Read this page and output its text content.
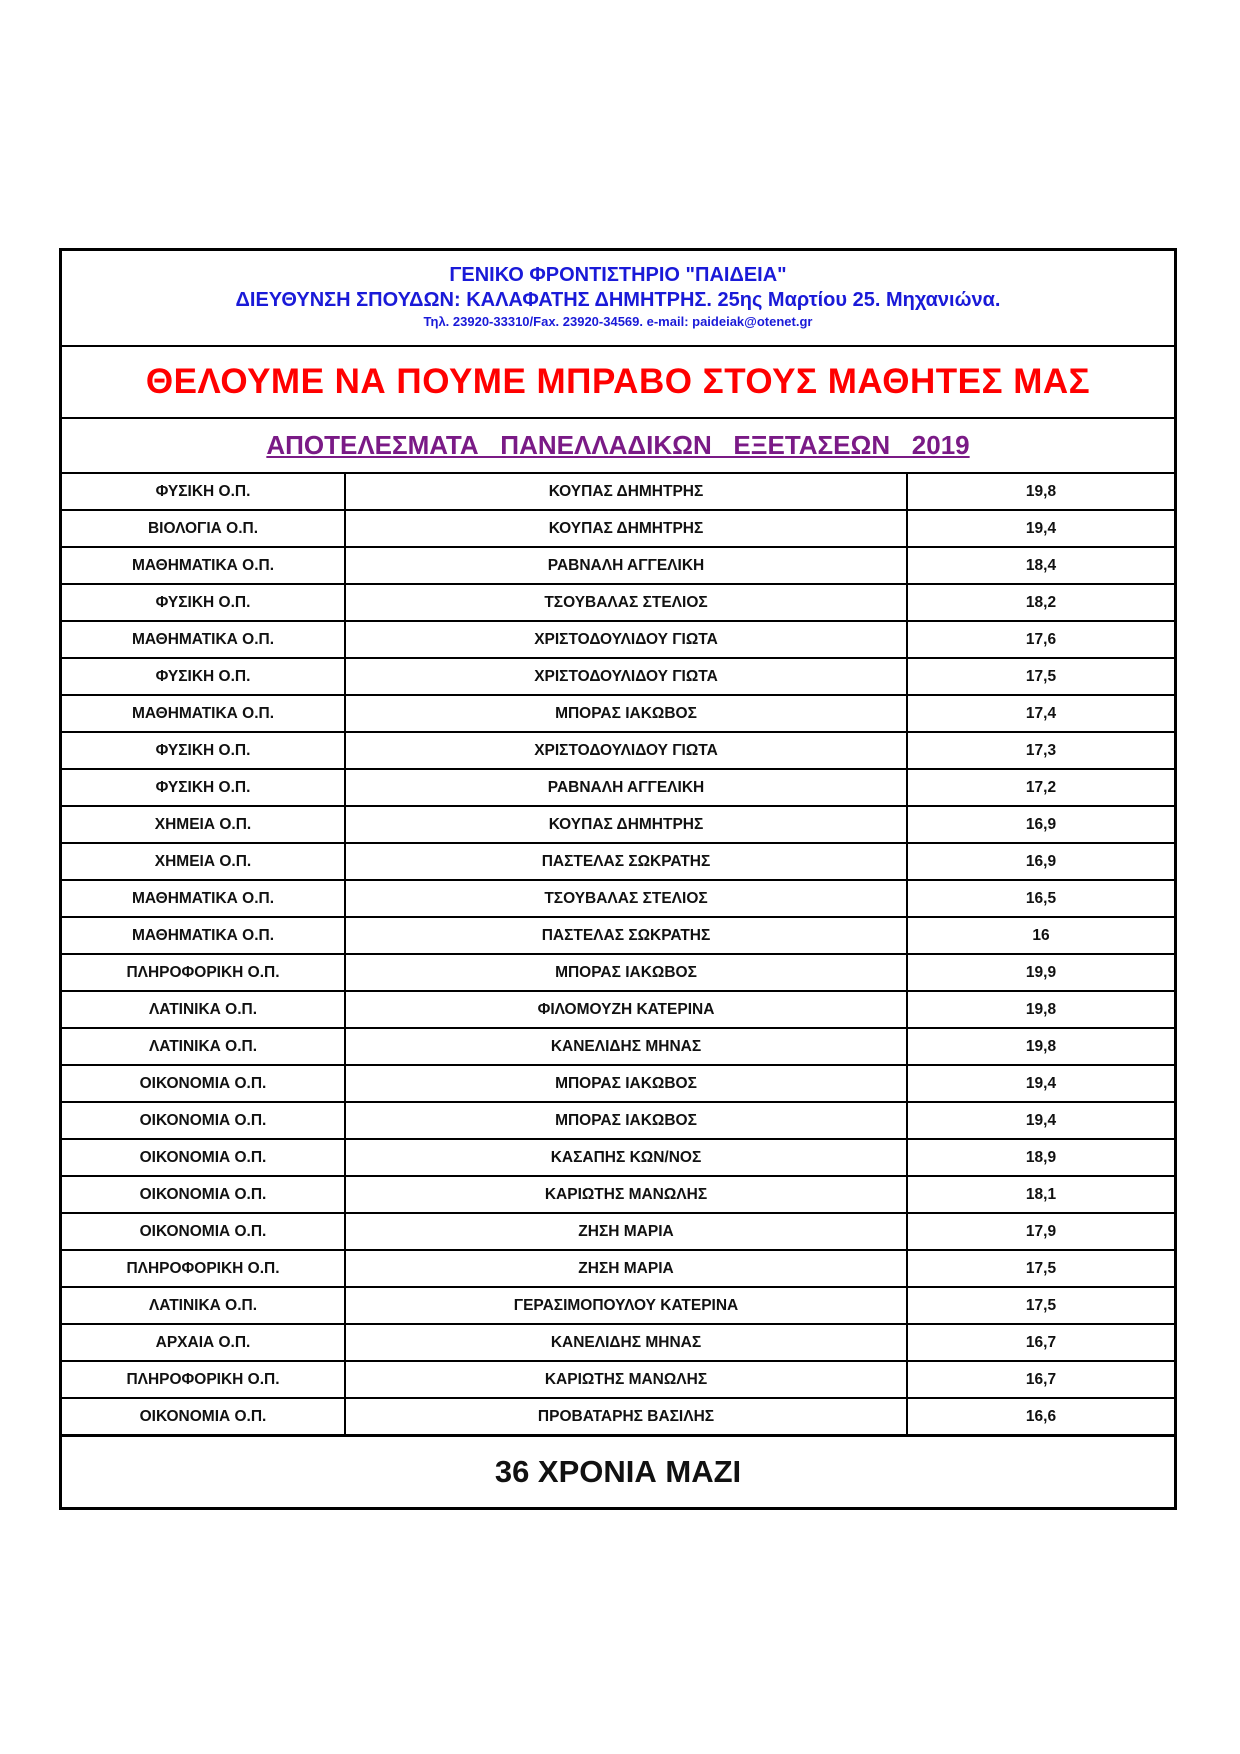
ΓΕΝΙΚΟ ΦΡΟΝΤΙΣΤΗΡΙΟ "ΠΑΙΔΕΙΑ"
ΔΙΕΥΘΥΝΣΗ ΣΠΟΥΔΩΝ: ΚΑΛΑΦΑΤΗΣ ΔΗΜΗΤΡΗΣ. 25ης Μαρτίου 25. Μηχανιώνα.
Τηλ. 23920-33310/Fax. 23920-34569. e-mail: paideiak@otenet.gr
ΘΕΛΟΥΜΕ ΝΑ ΠΟΥΜΕ ΜΠΡΑΒΟ ΣΤΟΥΣ ΜΑΘΗΤΕΣ ΜΑΣ
ΑΠΟΤΕΛΕΣΜΑΤΑ   ΠΑΝΕΛΛΑΔΙΚΩΝ   ΕΞΕΤΑΣΕΩΝ   2019
ΦΥΣΙΚΗ Ο.Π.	ΚΟΥΠΑΣ ΔΗΜΗΤΡΗΣ	19,8
ΒΙΟΛΟΓΙΑ Ο.Π.	ΚΟΥΠΑΣ ΔΗΜΗΤΡΗΣ	19,4
ΜΑΘΗΜΑΤΙΚΑ Ο.Π.	ΡΑΒΝΑΛΗ ΑΓΓΕΛΙΚΗ	18,4
ΦΥΣΙΚΗ Ο.Π.	ΤΣΟΥΒΑΛΑΣ ΣΤΕΛΙΟΣ	18,2
ΜΑΘΗΜΑΤΙΚΑ Ο.Π.	ΧΡΙΣΤΟΔΟΥΛΙΔΟΥ ΓΙΩΤΑ	17,6
ΦΥΣΙΚΗ Ο.Π.	ΧΡΙΣΤΟΔΟΥΛΙΔΟΥ ΓΙΩΤΑ	17,5
ΜΑΘΗΜΑΤΙΚΑ Ο.Π.	ΜΠΟΡΑΣ ΙΑΚΩΒΟΣ	17,4
ΦΥΣΙΚΗ Ο.Π.	ΧΡΙΣΤΟΔΟΥΛΙΔΟΥ ΓΙΩΤΑ	17,3
ΦΥΣΙΚΗ Ο.Π.	ΡΑΒΝΑΛΗ ΑΓΓΕΛΙΚΗ	17,2
ΧΗΜΕΙΑ Ο.Π.	ΚΟΥΠΑΣ ΔΗΜΗΤΡΗΣ	16,9
ΧΗΜΕΙΑ Ο.Π.	ΠΑΣΤΕΛΑΣ ΣΩΚΡΑΤΗΣ	16,9
ΜΑΘΗΜΑΤΙΚΑ Ο.Π.	ΤΣΟΥΒΑΛΑΣ ΣΤΕΛΙΟΣ	16,5
ΜΑΘΗΜΑΤΙΚΑ Ο.Π.	ΠΑΣΤΕΛΑΣ ΣΩΚΡΑΤΗΣ	16
ΠΛΗΡΟΦΟΡΙΚΗ Ο.Π.	ΜΠΟΡΑΣ ΙΑΚΩΒΟΣ	19,9
ΛΑΤΙΝΙΚΑ Ο.Π.	ΦΙΛΟΜΟΥΖΗ ΚΑΤΕΡΙΝΑ	19,8
ΛΑΤΙΝΙΚΑ Ο.Π.	ΚΑΝΕΛΙΔΗΣ ΜΗΝΑΣ	19,8
ΟΙΚΟΝΟΜΙΑ Ο.Π.	ΜΠΟΡΑΣ ΙΑΚΩΒΟΣ	19,4
ΟΙΚΟΝΟΜΙΑ Ο.Π.	ΜΠΟΡΑΣ ΙΑΚΩΒΟΣ	19,4
ΟΙΚΟΝΟΜΙΑ Ο.Π.	ΚΑΣΑΠΗΣ ΚΩΝ/ΝΟΣ	18,9
ΟΙΚΟΝΟΜΙΑ Ο.Π.	ΚΑΡΙΩΤΗΣ ΜΑΝΩΛΗΣ	18,1
ΟΙΚΟΝΟΜΙΑ Ο.Π.	ΖΗΣΗ ΜΑΡΙΑ	17,9
ΠΛΗΡΟΦΟΡΙΚΗ Ο.Π.	ΖΗΣΗ ΜΑΡΙΑ	17,5
ΛΑΤΙΝΙΚΑ Ο.Π.	ΓΕΡΑΣΙΜΟΠΟΥΛΟΥ ΚΑΤΕΡΙΝΑ	17,5
ΑΡΧΑΙΑ Ο.Π.	ΚΑΝΕΛΙΔΗΣ ΜΗΝΑΣ	16,7
ΠΛΗΡΟΦΟΡΙΚΗ Ο.Π.	ΚΑΡΙΩΤΗΣ ΜΑΝΩΛΗΣ	16,7
ΟΙΚΟΝΟΜΙΑ Ο.Π.	ΠΡΟΒΑΤΑΡΗΣ ΒΑΣΙΛΗΣ	16,6
36 ΧΡΟΝΙΑ ΜΑΖΙ
